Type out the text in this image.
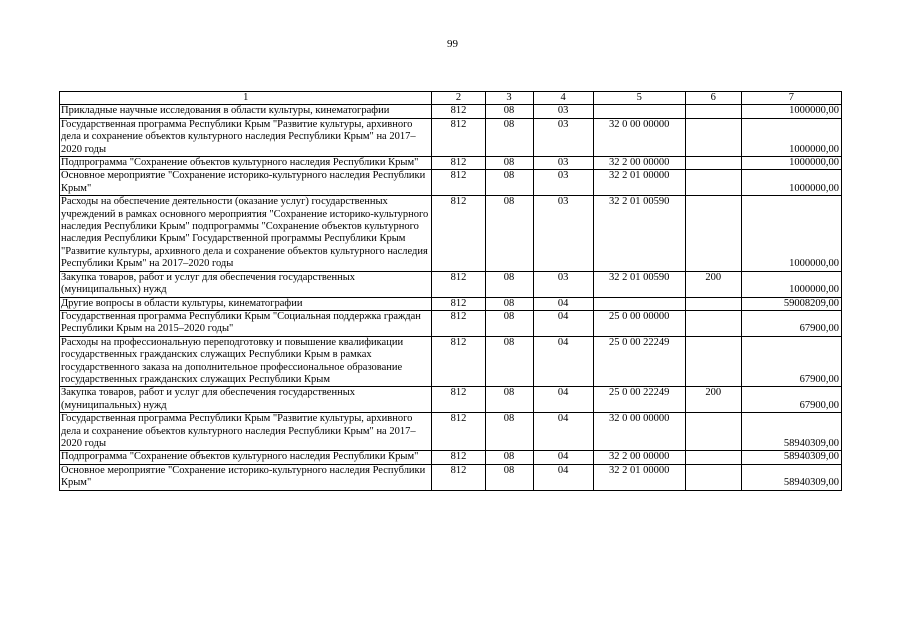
99
1	2	3	4	5	6	7
Прикладные научные исследования в области культуры, кинематографии	812	08	03			1000000,00
Государственная программа Республики Крым "Развитие культуры, архивного дела и сохранение объектов культурного наследия Республики Крым" на 2017–2020 годы	812	08	03	32 0 00 00000		1000000,00
Подпрограмма "Сохранение объектов культурного наследия Республики Крым"	812	08	03	32 2 00 00000		1000000,00
Основное мероприятие "Сохранение историко-культурного наследия Республики Крым"	812	08	03	32 2 01 00000		1000000,00
Расходы на обеспечение деятельности (оказание услуг) государственных учреждений в рамках основного мероприятия "Сохранение историко-культурного наследия Республики Крым" подпрограммы "Сохранение объектов культурного наследия Республики Крым" Государственной программы Республики Крым "Развитие культуры, архивного дела и сохранение объектов культурного наследия Республики Крым" на 2017–2020 годы	812	08	03	32 2 01 00590		1000000,00
Закупка товаров, работ и услуг для обеспечения государственных (муниципальных) нужд	812	08	03	32 2 01 00590	200	1000000,00
Другие вопросы в области культуры, кинематографии	812	08	04			59008209,00
Государственная программа Республики Крым "Социальная поддержка граждан Республики Крым на 2015–2020 годы"	812	08	04	25 0 00 00000		67900,00
Расходы на профессиональную переподготовку и повышение квалификации государственных гражданских служащих Республики Крым в рамках государственного заказа на дополнительное профессиональное образование государственных гражданских служащих Республики Крым	812	08	04	25 0 00 22249		67900,00
Закупка товаров, работ и услуг для обеспечения государственных (муниципальных) нужд	812	08	04	25 0 00 22249	200	67900,00
Государственная программа Республики Крым "Развитие культуры, архивного дела и сохранение объектов культурного наследия Республики Крым" на 2017–2020 годы	812	08	04	32 0 00 00000		58940309,00
Подпрограмма "Сохранение объектов культурного наследия Республики Крым"	812	08	04	32 2 00 00000		58940309,00
Основное мероприятие "Сохранение историко-культурного наследия Республики Крым"	812	08	04	32 2 01 00000		58940309,00
